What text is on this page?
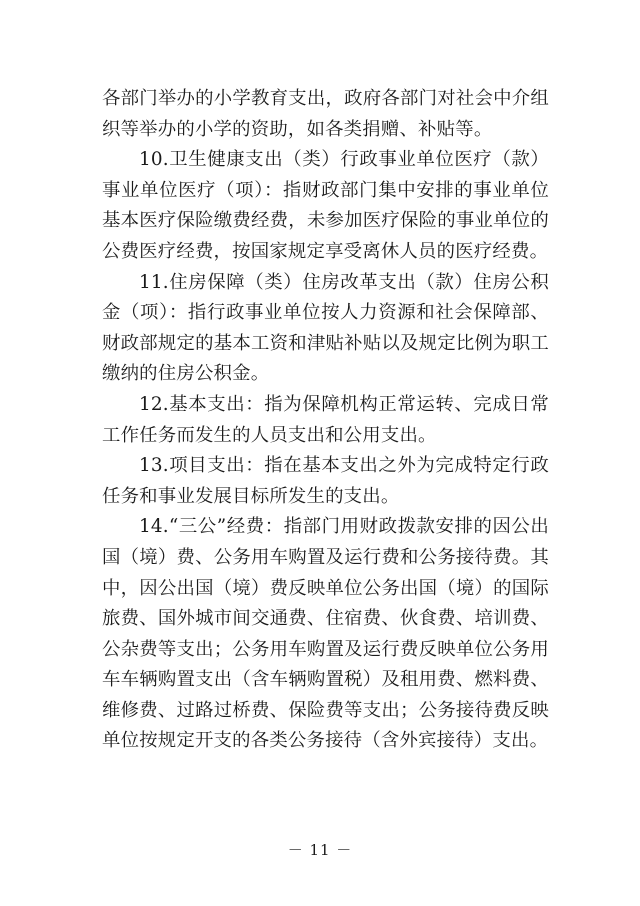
各部门举办的小学教育支出，政府各部门对社会中介组织等举办的小学的资助，如各类捐赠、补贴等。

10.卫生健康支出（类）行政事业单位医疗（款）事业单位医疗（项）：指财政部门集中安排的事业单位基本医疗保险缴费经费，未参加医疗保险的事业单位的公费医疗经费，按国家规定享受离休人员的医疗经费。

11.住房保障（类）住房改革支出（款）住房公积金（项）：指行政事业单位按人力资源和社会保障部、财政部规定的基本工资和津贴补贴以及规定比例为职工缴纳的住房公积金。

12.基本支出：指为保障机构正常运转、完成日常工作任务而发生的人员支出和公用支出。

13.项目支出：指在基本支出之外为完成特定行政任务和事业发展目标所发生的支出。

14.“三公”经费：指部门用财政拨款安排的因公出国（境）费、公务用车购置及运行费和公务接待费。其中，因公出国（境）费反映单位公务出国（境）的国际旅费、国外城市间交通费、住宿费、伙食费、培训费、公杂费等支出；公务用车购置及运行费反映单位公务用车车辆购置支出（含车辆购置税）及租用费、燃料费、维修费、过路过桥费、保险费等支出；公务接待费反映单位按规定开支的各类公务接待（含外宾接待）支出。

－ 11 －
